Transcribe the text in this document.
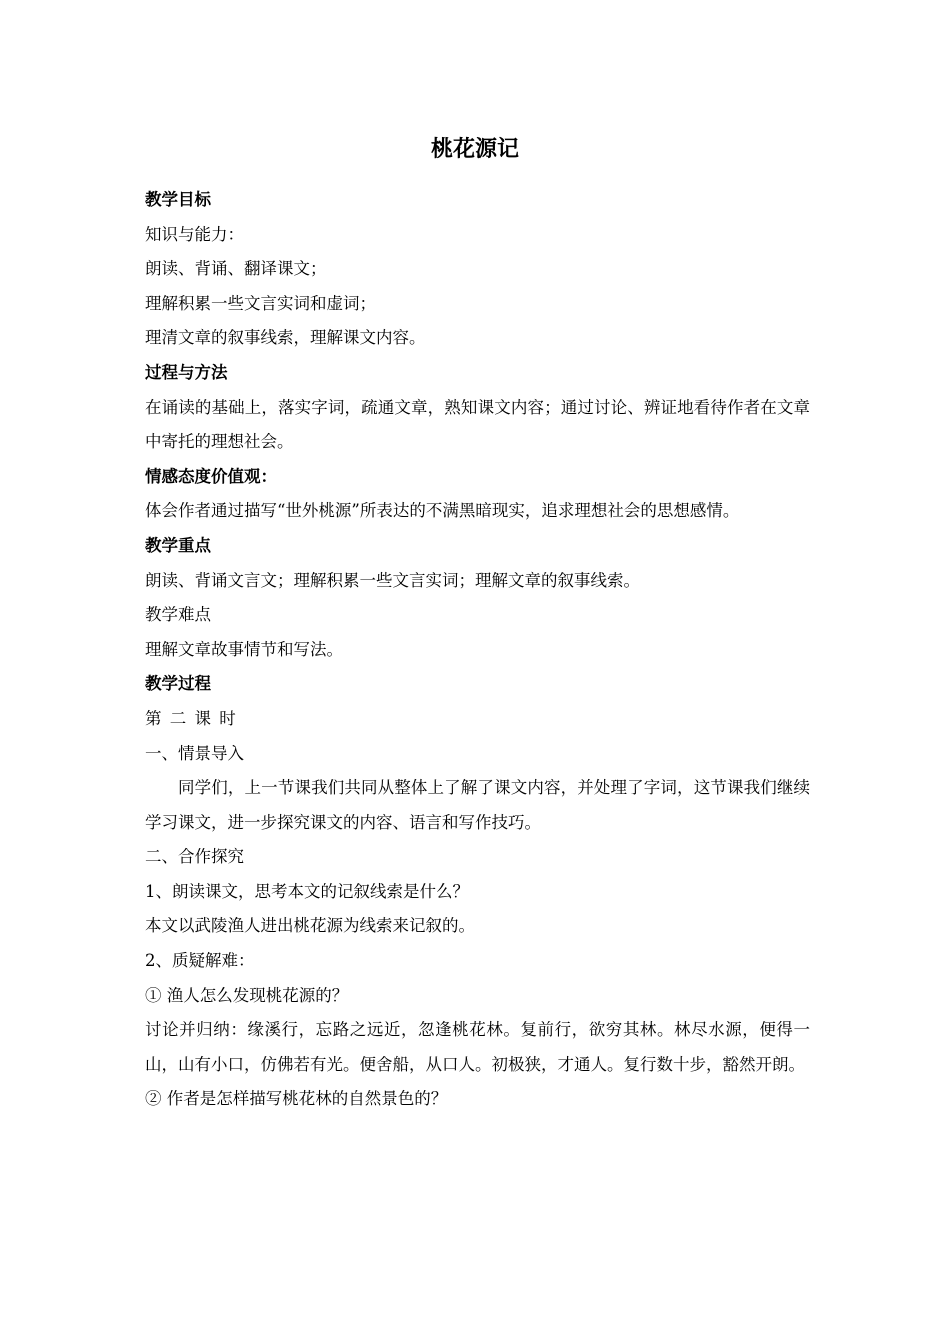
桃花源记

教学目标

知识与能力：

朗读、背诵、翻译课文；

理解积累一些文言实词和虚词；

理清文章的叙事线索，理解课文内容。

过程与方法

在诵读的基础上，落实字词，疏通文章，熟知课文内容；通过讨论、辨证地看待作者在文章中寄托的理想社会。

情感态度价值观：

体会作者通过描写“世外桃源”所表达的不满黑暗现实，追求理想社会的思想感情。

教学重点

朗读、背诵文言文；理解积累一些文言实词；理解文章的叙事线索。

教学难点

理解文章故事情节和写法。

教学过程

第二课时

一、情景导入

同学们，上一节课我们共同从整体上了解了课文内容，并处理了字词，这节课我们继续学习课文，进一步探究课文的内容、语言和写作技巧。

二、合作探究

1、朗读课文，思考本文的记叙线索是什么？

本文以武陵渔人进出桃花源为线索来记叙的。

2、质疑解难：

① 渔人怎么发现桃花源的？

讨论并归纳：缘溪行，忘路之远近，忽逢桃花林。复前行，欲穷其林。林尽水源，便得一山，山有小口，仿佛若有光。便舍船，从口人。初极狭，才通人。复行数十步，豁然开朗。

② 作者是怎样描写桃花林的自然景色的？
